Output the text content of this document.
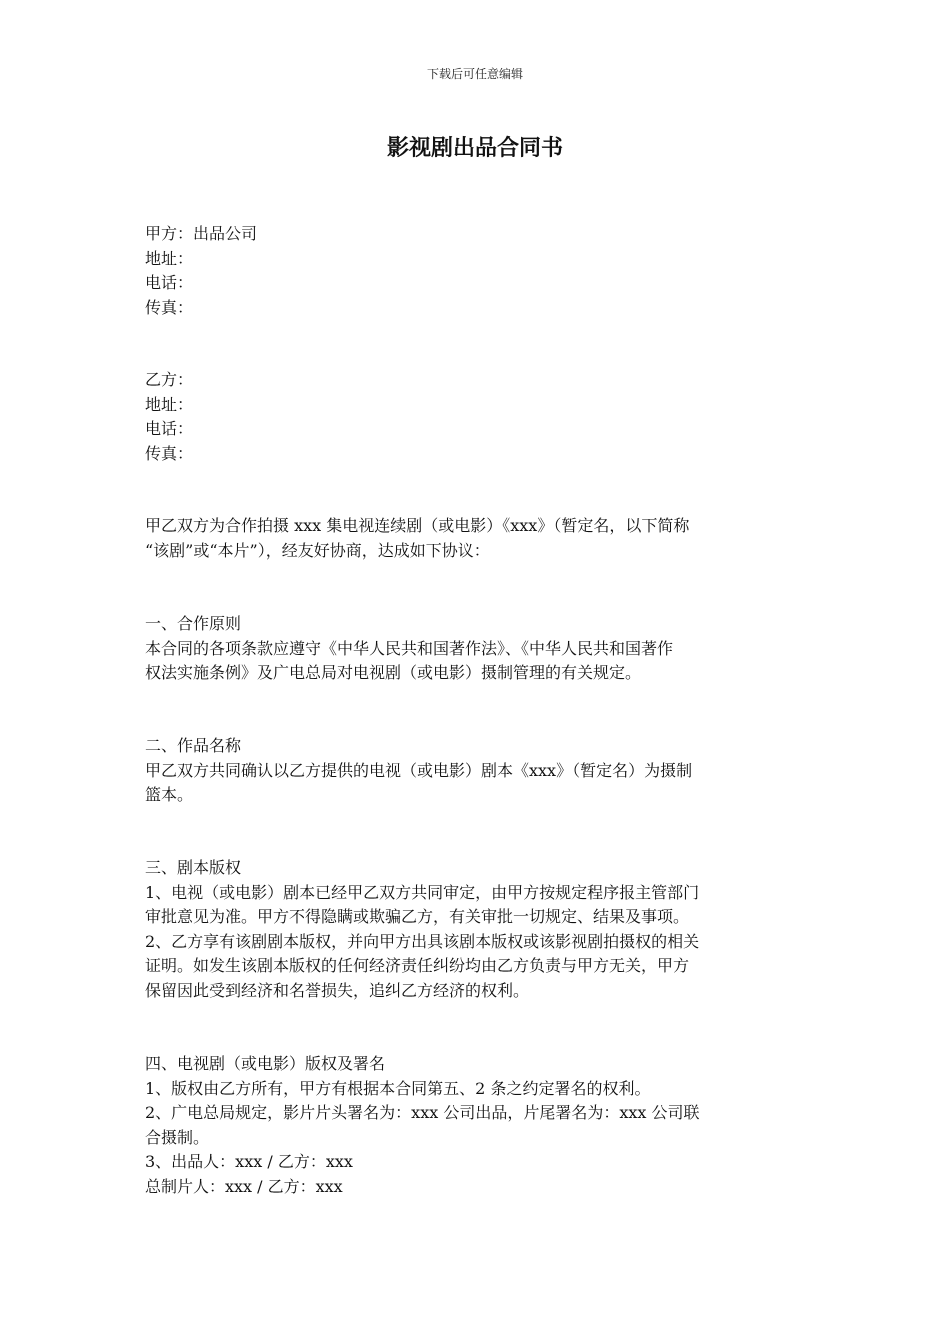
下载后可任意编辑
影视剧出品合同书
甲方：出品公司
地址：
电话：
传真：
乙方：
地址：
电话：
传真：
甲乙双方为合作拍摄 xxx 集电视连续剧（或电影）《xxx》（暂定名，以下简称
“该剧”或“本片”），经友好协商，达成如下协议：
一、合作原则
本合同的各项条款应遵守《中华人民共和国著作法》、《中华人民共和国著作
权法实施条例》及广电总局对电视剧（或电影）摄制管理的有关规定。
二、作品名称
甲乙双方共同确认以乙方提供的电视（或电影）剧本《xxx》（暂定名）为摄制
篮本。
三、剧本版权
1、电视（或电影）剧本已经甲乙双方共同审定，由甲方按规定程序报主管部门
审批意见为准。甲方不得隐瞒或欺骗乙方，有关审批一切规定、结果及事项。
2、乙方享有该剧剧本版权，并向甲方出具该剧本版权或该影视剧拍摄权的相关
证明。如发生该剧本版权的任何经济责任纠纷均由乙方负责与甲方无关，甲方
保留因此受到经济和名誉损失，追纠乙方经济的权利。
四、电视剧（或电影）版权及署名
1、版权由乙方所有，甲方有根据本合同第五、2 条之约定署名的权利。
2、广电总局规定，影片片头署名为：xxx 公司出品，片尾署名为：xxx 公司联
合摄制。
3、出品人：xxx / 乙方：xxx
总制片人：xxx / 乙方：xxx
